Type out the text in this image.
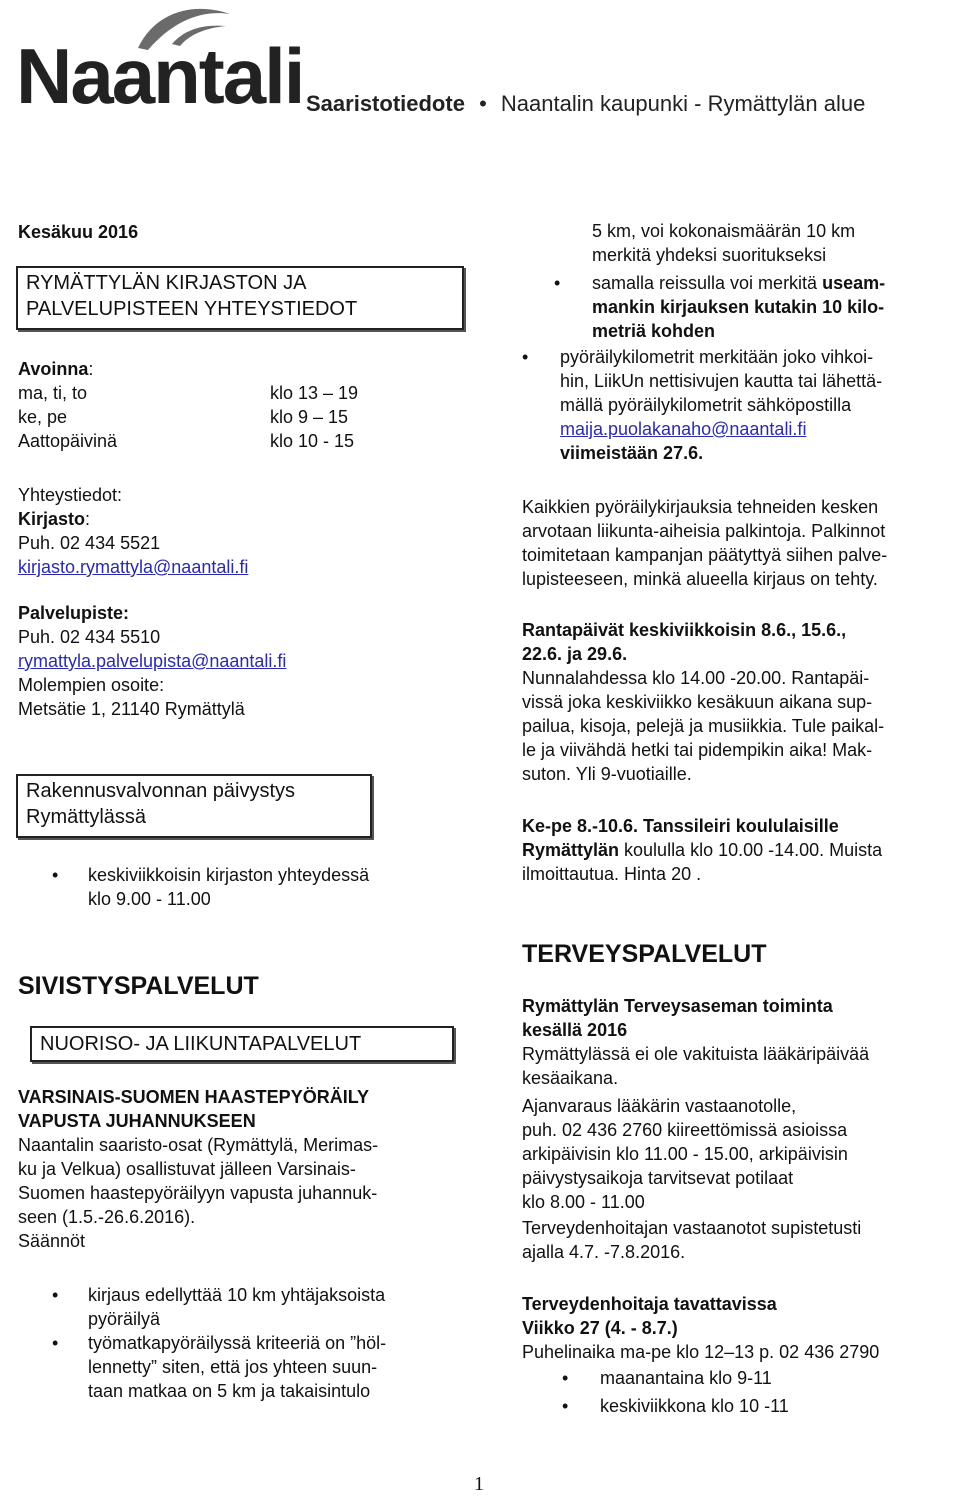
Naantali Saaristotiedote • Naantalin kaupunki - Rymättylän alue

Kesäkuu 2016

RYMÄTTYLÄN KIRJASTON JA
PALVELUPISTEEN YHTEYSTIEDOT

Avoinna:

ma, ti, to	klo 13 – 19

ke, pe	klo 9 – 15

Aattopäivinä	klo 10 - 15

Yhteystiedot:

Kirjasto:

Puh. 02 434 5521

kirjasto.rymattyla@naantali.fi

Palvelupiste:

Puh. 02 434 5510

rymattyla.palvelupista@naantali.fi

Molempien osoite:

Metsätie 1, 21140 Rymättylä

Rakennusvalvonnan päivystys
Rymättylässä
• keskiviikkoisin kirjaston yhteydessä
klo 9.00 - 11.00

SIVISTYSPALVELUT

NUORISO- JA LIIKUNTAPALVELUT

VARSINAIS-SUOMEN HAASTEPYÖRÄILY

VAPUSTA JUHANNUKSEEN

Naantalin saaristo-osat (Rymättylä, Merimas-

ku ja Velkua) osallistuvat jälleen Varsinais-

Suomen haastepyöräilyyn vapusta juhannuk-

seen (1.5.-26.6.2016).

Säännöt

• kirjaus edellyttää 10 km yhtäjaksoista
pyöräilyä
• työmatkapyöräilyssä kriteeriä on ”höl-
lennetty” siten, että jos yhteen suun-
taan matkaa on 5 km ja takaisintulo

5 km, voi kokonaismäärän 10 km

merkitä yhdeksi suoritukseksi

• samalla reissulla voi merkitä useam-
mankin kirjauksen kutakin 10 kilo-
metriä kohden
• pyöräilykilometrit merkitään joko vihkoi-
hin, LiikUn nettisivujen kautta tai lähettä-
mällä pyöräilykilometrit sähköpostilla
maija.puolakanaho@naantali.fi
viimeistään 27.6.

Kaikkien pyöräilykirjauksia tehneiden kesken

arvotaan liikunta-aiheisia palkintoja. Palkinnot

toimitetaan kampanjan päätyttyä siihen palve-

lupisteeseen, minkä alueella kirjaus on tehty.

Rantapäivät keskiviikkoisin 8.6., 15.6.,

22.6. ja 29.6.

Nunnalahdessa klo 14.00 -20.00. Rantapäi-

vissä joka keskiviikko kesäkuun aikana sup-

pailua, kisoja, pelejä ja musiikkia. Tule paikal-

le ja viivähdä hetki tai pidempikin aika! Mak-

suton. Yli 9-vuotiaille.

Ke-pe 8.-10.6. Tanssileiri koululaisille

Rymättylän koululla klo 10.00 -14.00. Muista

ilmoittautua. Hinta 20 .

TERVEYSPALVELUT

Rymättylän Terveysaseman toiminta

kesällä 2016

Rymättylässä ei ole vakituista lääkäripäivää

kesäaikana.

Ajanvaraus lääkärin vastaanotolle,

puh. 02 436 2760 kiireettömissä asioissa

arkipäivisin klo 11.00 - 15.00, arkipäivisin

päivystysaikoja tarvitsevat potilaat

klo 8.00 - 11.00

Terveydenhoitajan vastaanotot supistetusti

ajalla 4.7. -7.8.2016.

Terveydenhoitaja tavattavissa

Viikko 27 (4. - 8.7.)

Puhelinaika ma-pe klo 12–13 p. 02 436 2790

• maanantaina klo 9-11
• keskiviikkona klo 10 -11

1
